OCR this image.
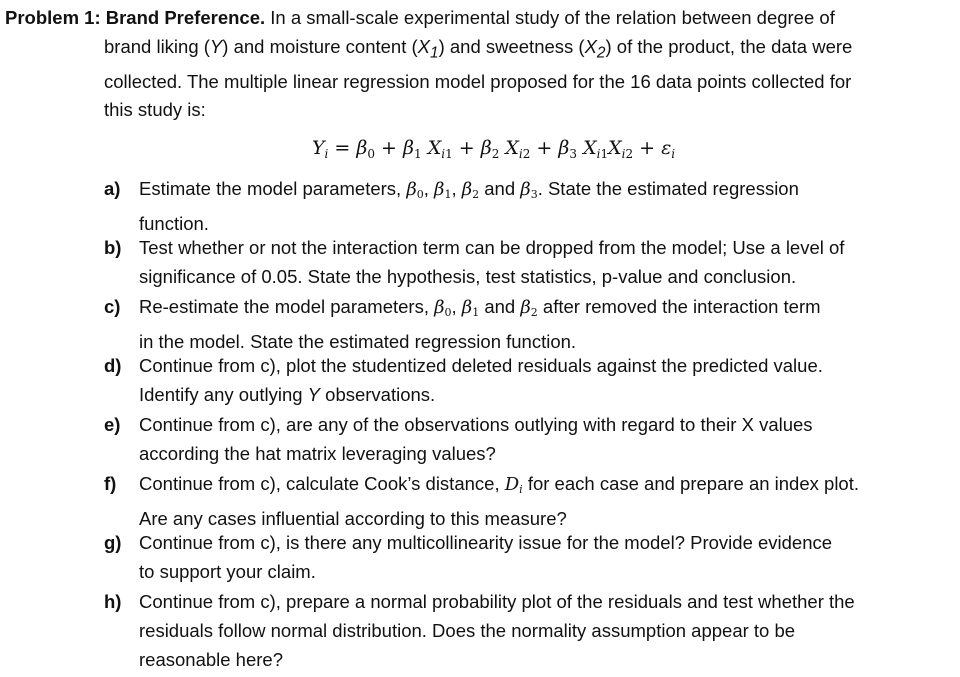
Problem 1: Brand Preference. In a small-scale experimental study of the relation between degree of
brand liking (Y) and moisture content $(X_1)$ and sweetness $(X_2)$ of the product, the data were
collected. The multiple linear regression model proposed for the 16 data points collected for
this study is:
$Y_i = \beta_0 + \beta_1$ $X_{i1} + \beta_2$ $X_{i2} + \beta_3$ $X_{i1}X_{i2} + \varepsilon_i$
a) Estimate the model parameters, $\beta_0$, $\beta_1$, $\beta_2$ and $\beta_3$. State the estimated regression
function.
b) Test whether or not the interaction term can be dropped from the model; Use a level of
significance of 0.05. State the hypothesis, test statistics, p-value and conclusion.
c) Re-estimate the model parameters, $\beta_0$, $\beta_1$ and $\beta_2$ after removed the interaction term
in the model. State the estimated regression function.
d) Continue from c), plot the studentized deleted residuals against the predicted value.
Identify any outlying Y observations.
e) Continue from c), are any of the observations outlying with regard to their X values
according the hat matrix leveraging values?
f) Continue from c), calculate Cook’s distance, $D_i$ for each case and prepare an index plot.
Are any cases influential according to this measure?
g) Continue from c), is there any multicollinearity issue for the model? Provide evidence
to support your claim.
h) Continue from c), prepare a normal probability plot of the residuals and test whether the
residuals follow normal distribution. Does the normality assumption appear to be
reasonable here?
